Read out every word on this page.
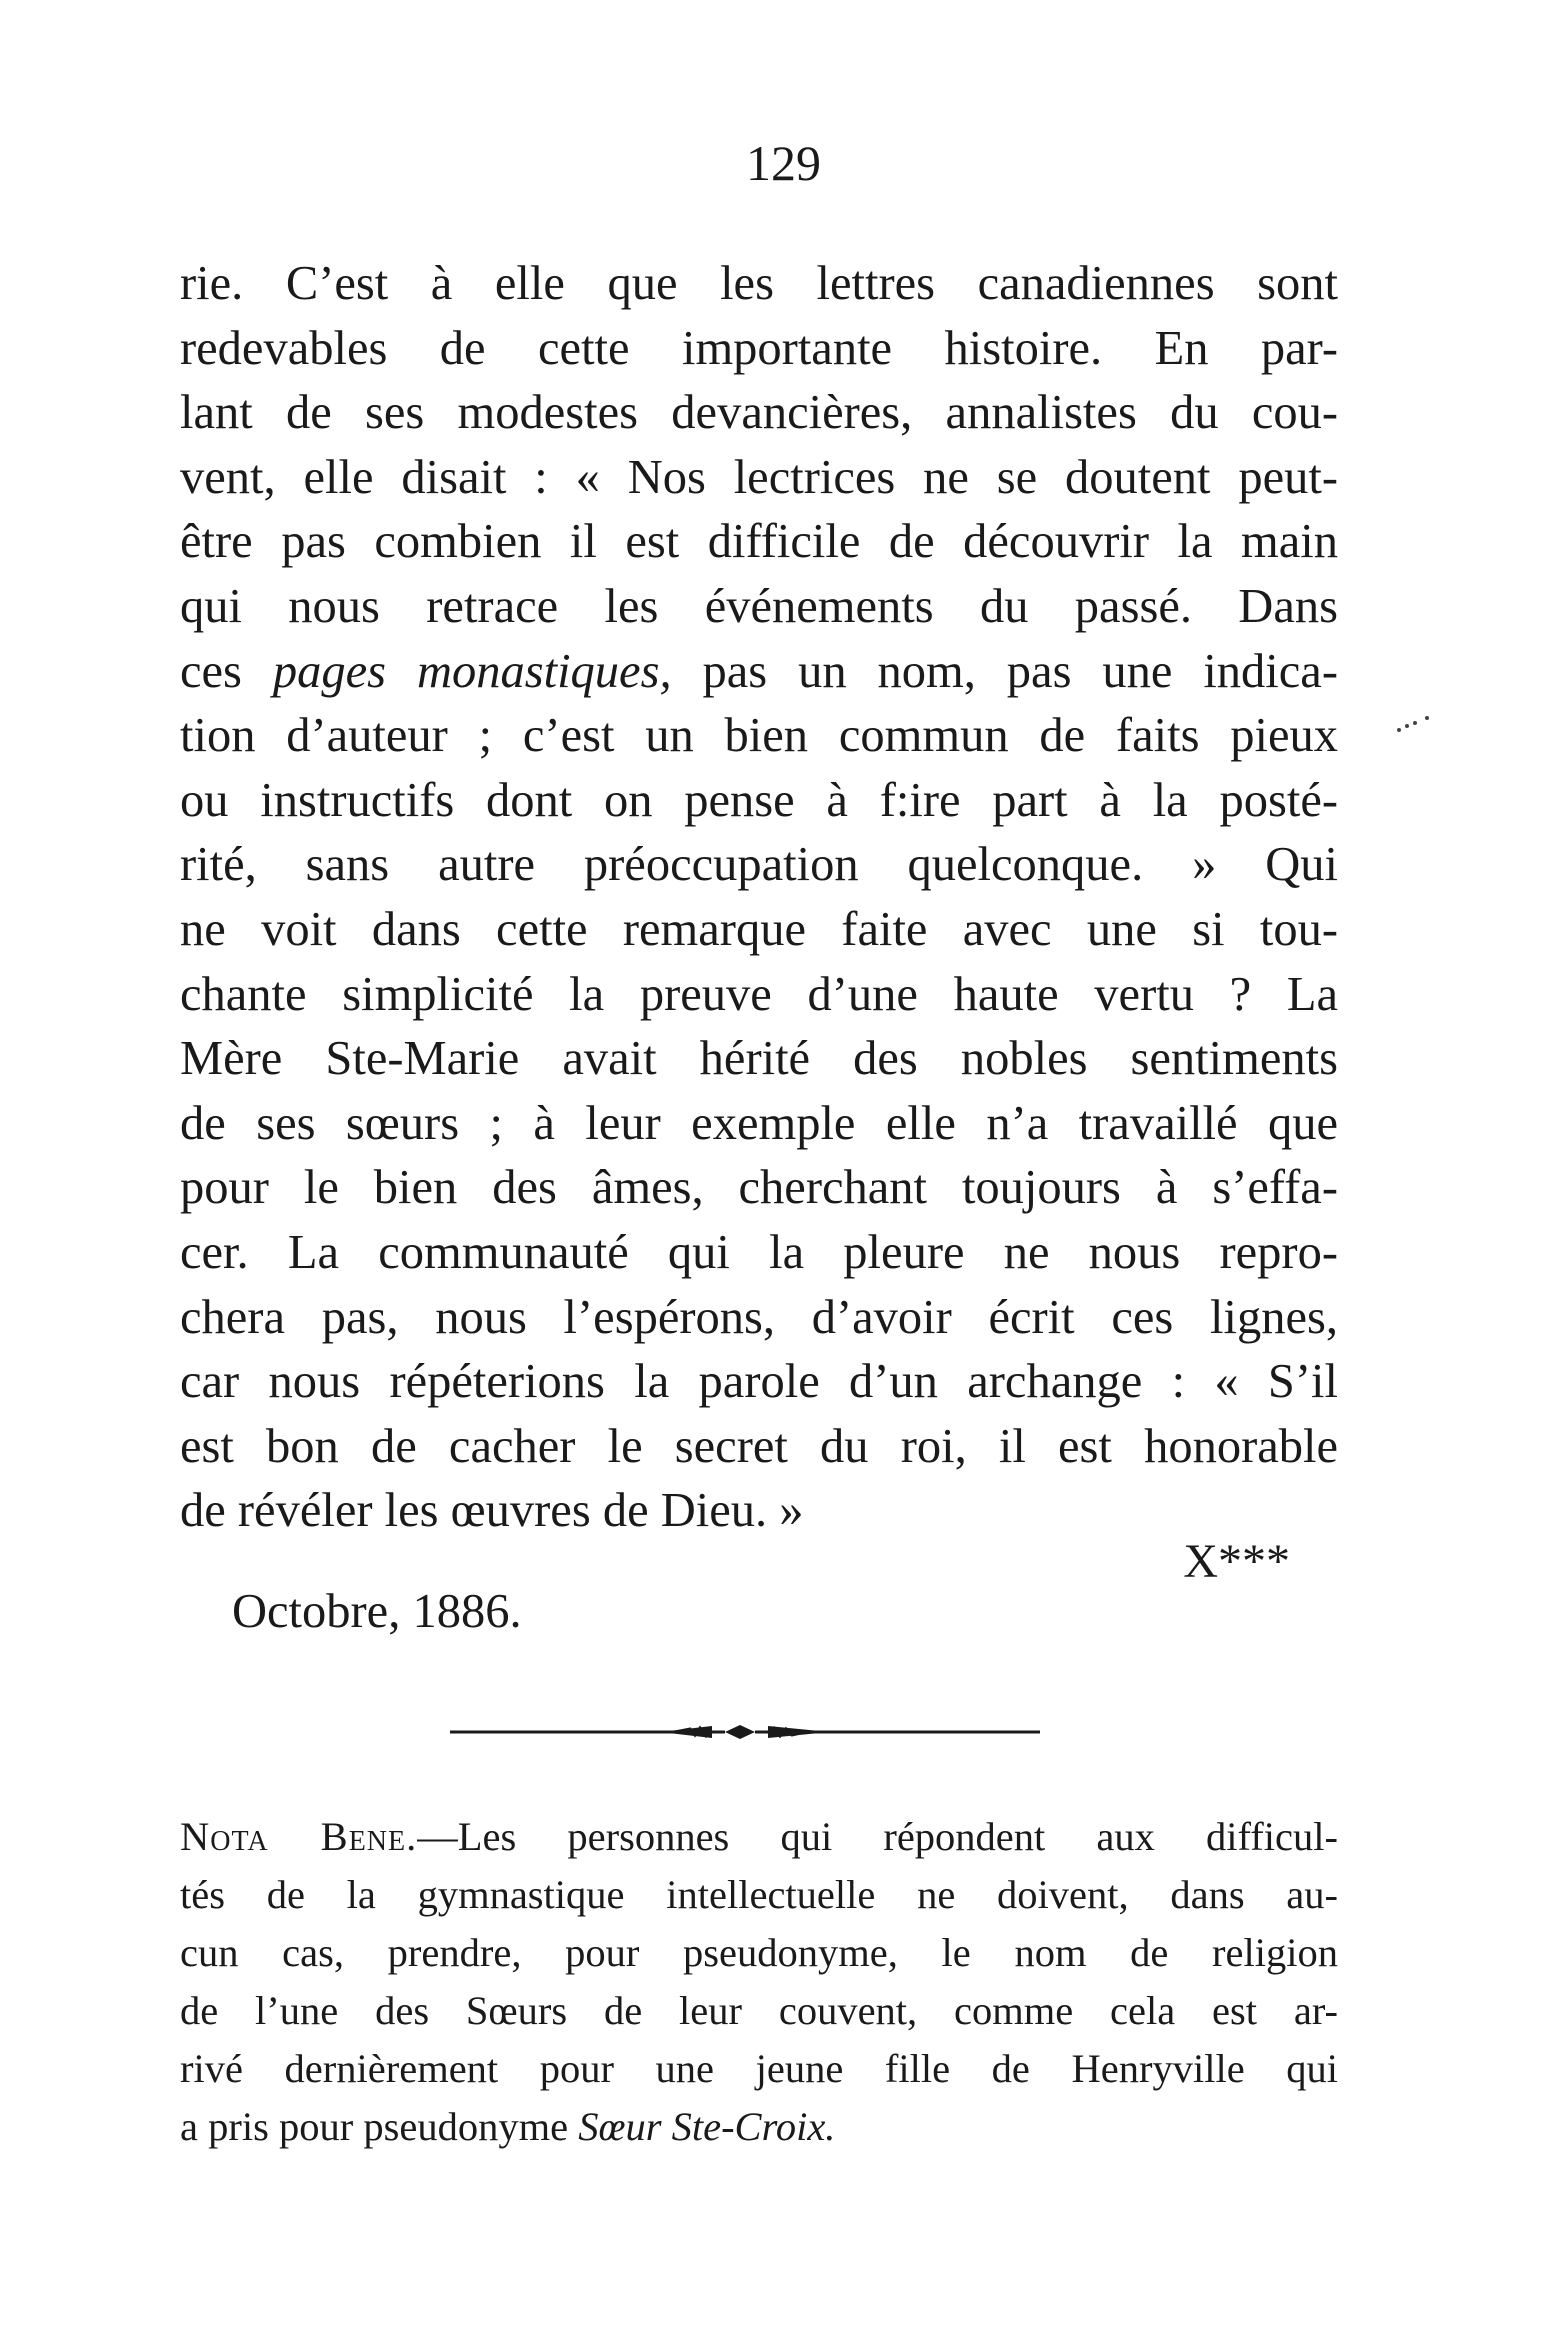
129
rie. C’est à elle que les lettres canadiennes sont
redevables de cette importante histoire. En par-
lant de ses modestes devancières, annalistes du cou-
vent, elle disait : « Nos lectrices ne se doutent peut-
être pas combien il est difficile de découvrir la main
qui nous retrace les événements du passé. Dans
ces pages monastiques, pas un nom, pas une indica-
tion d’auteur ; c’est un bien commun de faits pieux
ou instructifs dont on pense à f:ire part à la posté-
rité, sans autre préoccupation quelconque. » Qui
ne voit dans cette remarque faite avec une si tou-
chante simplicité la preuve d’une haute vertu ? La
Mère Ste-Marie avait hérité des nobles sentiments
de ses sœurs ; à leur exemple elle n’a travaillé que
pour le bien des âmes, cherchant toujours à s’effa-
cer. La communauté qui la pleure ne nous repro-
chera pas, nous l’espérons, d’avoir écrit ces lignes,
car nous répéterions la parole d’un archange : « S’il
est bon de cacher le secret du roi, il est honorable
de révéler les œuvres de Dieu. »
X***
Octobre, 1886.
Nota Bene.—Les personnes qui répondent aux difficul-
tés de la gymnastique intellectuelle ne doivent, dans au-
cun cas, prendre, pour pseudonyme, le nom de religion
de l’une des Sœurs de leur couvent, comme cela est ar-
rivé dernièrement pour une jeune fille de Henryville qui
a pris pour pseudonyme Sœur Ste-Croix.
